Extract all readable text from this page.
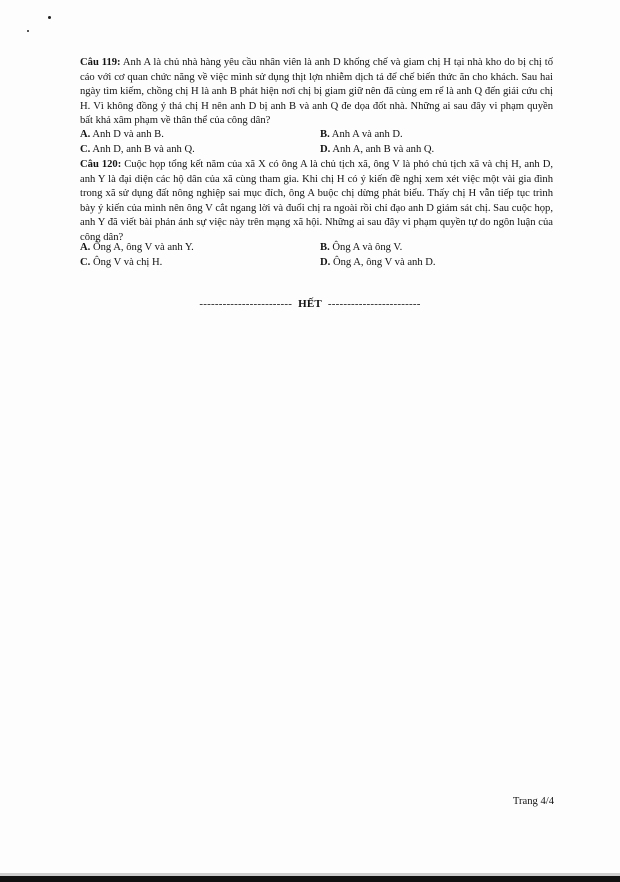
Câu 119: Anh A là chủ nhà hàng yêu cầu nhân viên là anh D khống chế và giam chị H tại nhà kho do bị chị tố cáo với cơ quan chức năng về việc mình sử dụng thịt lợn nhiễm dịch tả để chế biến thức ăn cho khách. Sau hai ngày tìm kiếm, chồng chị H là anh B phát hiện nơi chị bị giam giữ nên đã cùng em rể là anh Q đến giải cứu chị H. Vì không đồng ý thả chị H nên anh D bị anh B và anh Q đe dọa đốt nhà. Những ai sau đây vi phạm quyền bất khả xâm phạm về thân thể của công dân?
A. Anh D và anh B.	B. Anh A và anh D.
C. Anh D, anh B và anh Q.	D. Anh A, anh B và anh Q.
Câu 120: Cuộc họp tổng kết năm của xã X có ông A là chủ tịch xã, ông V là phó chủ tịch xã và chị H, anh D, anh Y là đại diện các hộ dân của xã cùng tham gia. Khi chị H có ý kiến đề nghị xem xét việc một vài gia đình trong xã sử dụng đất nông nghiệp sai mục đích, ông A buộc chị dừng phát biểu. Thấy chị H vẫn tiếp tục trình bày ý kiến của mình nên ông V cắt ngang lời và đuổi chị ra ngoài rồi chỉ đạo anh D giám sát chị. Sau cuộc họp, anh Y đã viết bài phản ánh sự việc này trên mạng xã hội. Những ai sau đây vi phạm quyền tự do ngôn luận của công dân?
A. Ông A, ông V và anh Y.	B. Ông A và ông V.
C. Ông V và chị H.	D. Ông A, ông V và anh D.
------------------------ HẾT ------------------------
Trang 4/4
